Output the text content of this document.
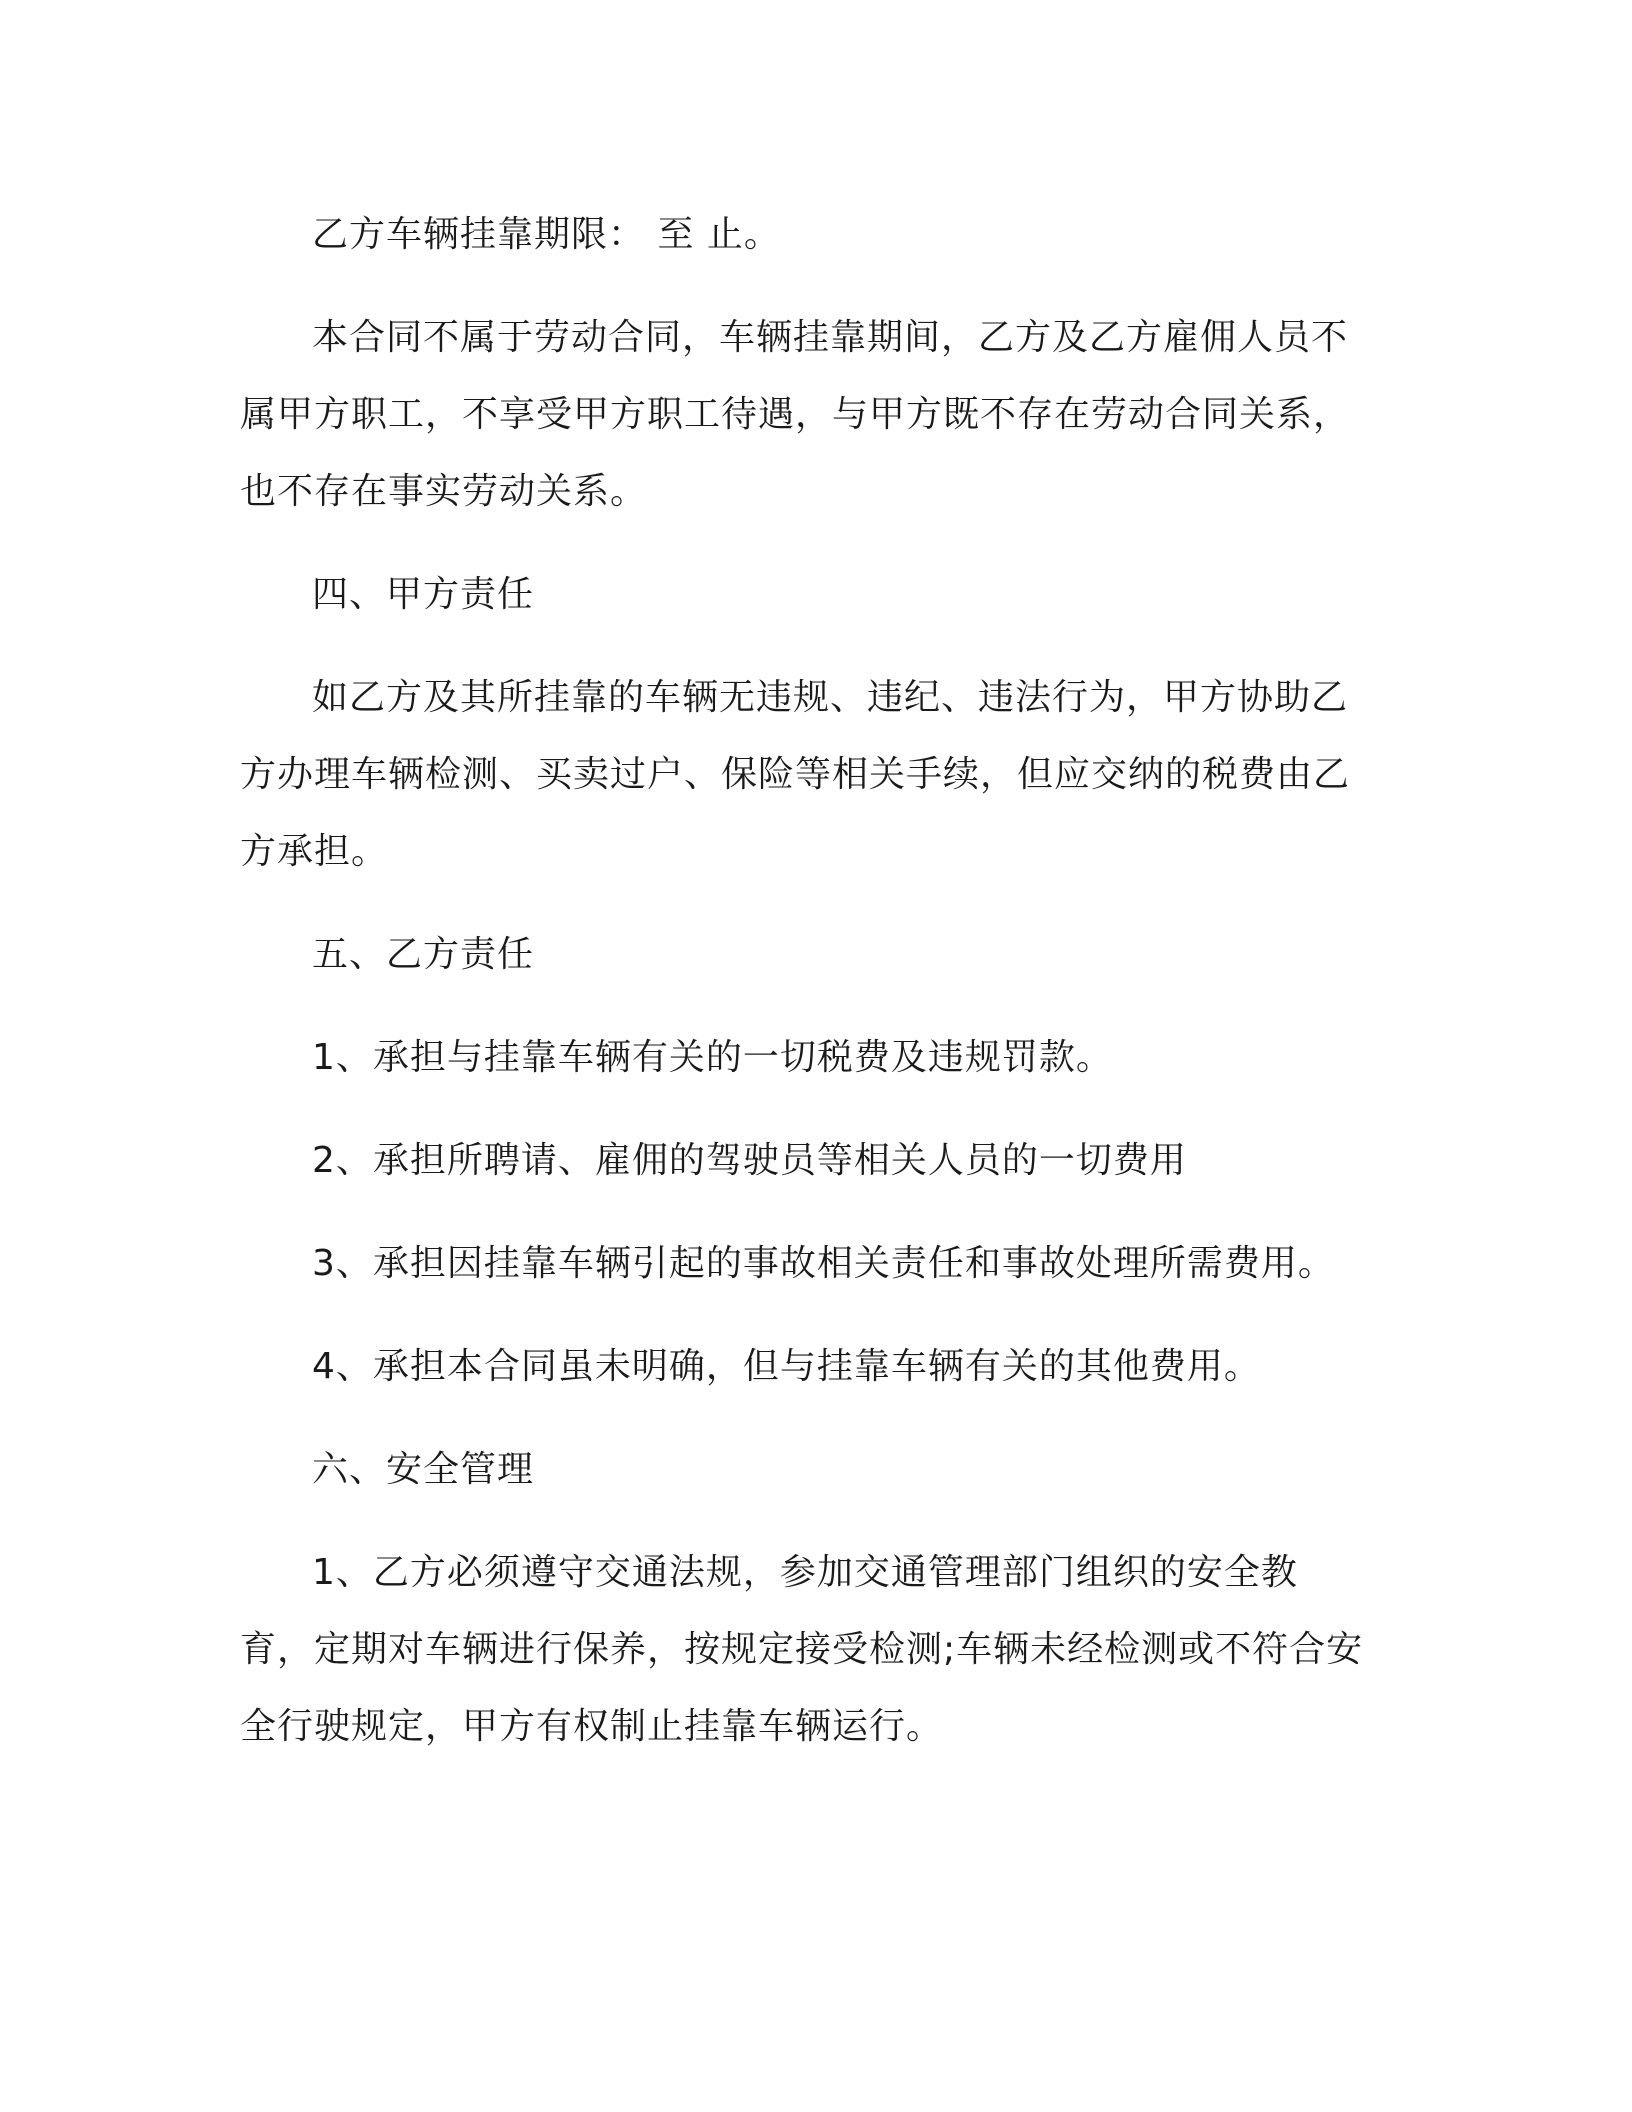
乙方车辆挂靠期限： 至 止。

本合同不属于劳动合同，车辆挂靠期间，乙方及乙方雇佣人员不属甲方职工，不享受甲方职工待遇，与甲方既不存在劳动合同关系，也不存在事实劳动关系。

四、甲方责任

如乙方及其所挂靠的车辆无违规、违纪、违法行为，甲方协助乙方办理车辆检测、买卖过户、保险等相关手续，但应交纳的税费由乙方承担。

五、乙方责任

1、承担与挂靠车辆有关的一切税费及违规罚款。

2、承担所聘请、雇佣的驾驶员等相关人员的一切费用

3、承担因挂靠车辆引起的事故相关责任和事故处理所需费用。

4、承担本合同虽未明确，但与挂靠车辆有关的其他费用。

六、安全管理

1、乙方必须遵守交通法规，参加交通管理部门组织的安全教育，定期对车辆进行保养，按规定接受检测;车辆未经检测或不符合安全行驶规定，甲方有权制止挂靠车辆运行。
